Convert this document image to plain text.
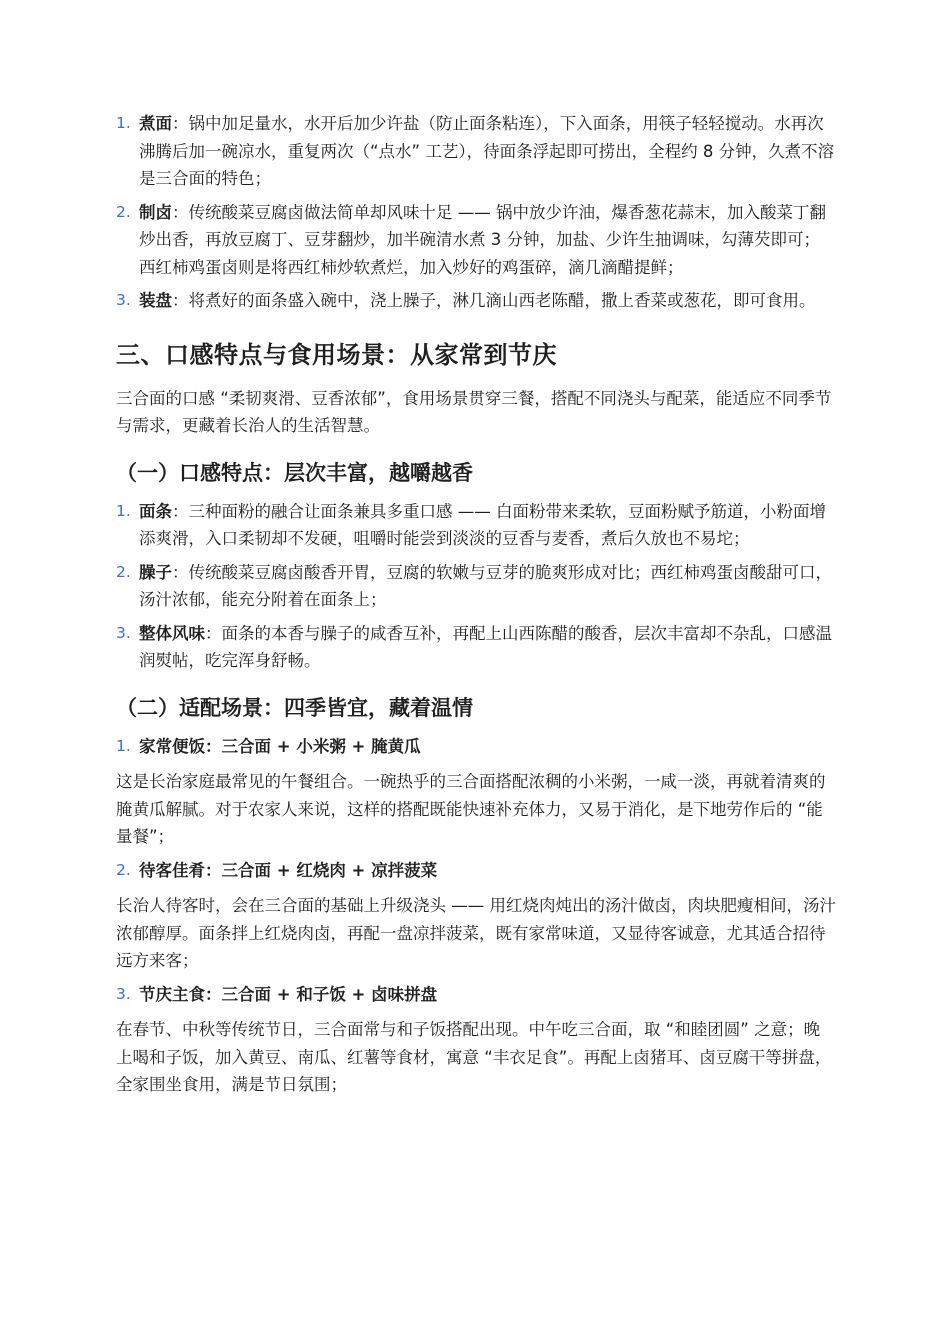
1. 煮面：锅中加足量水，水开后加少许盐（防止面条粘连），下入面条，用筷子轻轻搅动。水再次沸腾后加一碗凉水，重复两次（“点水” 工艺），待面条浮起即可捞出，全程约 8 分钟，久煮不溶是三合面的特色；
2. 制卤：传统酸菜豆腐卤做法简单却风味十足 —— 锅中放少许油，爆香葱花蒜末，加入酸菜丁翻炒出香，再放豆腐丁、豆芽翻炒，加半碗清水煮 3 分钟，加盐、少许生抽调味，勾薄芡即可；西红柿鸡蛋卤则是将西红柿炒软煮烂，加入炒好的鸡蛋碎，滴几滴醋提鲜；
3. 装盘：将煮好的面条盛入碗中，浇上臊子，淋几滴山西老陈醋，撒上香菜或葱花，即可食用。
三、口感特点与食用场景：从家常到节庆

三合面的口感 “柔韧爽滑、豆香浓郁”，食用场景贯穿三餐，搭配不同浇头与配菜，能适应不同季节与需求，更藏着长治人的生活智慧。

（一）口感特点：层次丰富，越嚼越香
1. 面条：三种面粉的融合让面条兼具多重口感 —— 白面粉带来柔软，豆面粉赋予筋道，小粉面增添爽滑，入口柔韧却不发硬，咀嚼时能尝到淡淡的豆香与麦香，煮后久放也不易坨；
2. 臊子：传统酸菜豆腐卤酸香开胃，豆腐的软嫩与豆芽的脆爽形成对比；西红柿鸡蛋卤酸甜可口，汤汁浓郁，能充分附着在面条上；
3. 整体风味：面条的本香与臊子的咸香互补，再配上山西陈醋的酸香，层次丰富却不杂乱，口感温润熨帖，吃完浑身舒畅。
（二）适配场景：四季皆宜，藏着温情
1. 家常便饭：三合面 + 小米粥 + 腌黄瓜

这是长治家庭最常见的午餐组合。一碗热乎的三合面搭配浓稠的小米粥，一咸一淡，再就着清爽的腌黄瓜解腻。对于农家人来说，这样的搭配既能快速补充体力，又易于消化，是下地劳作后的 “能量餐”；

2. 待客佳肴：三合面 + 红烧肉 + 凉拌菠菜

长治人待客时，会在三合面的基础上升级浇头 —— 用红烧肉炖出的汤汁做卤，肉块肥瘦相间，汤汁浓郁醇厚。面条拌上红烧肉卤，再配一盘凉拌菠菜，既有家常味道，又显待客诚意，尤其适合招待远方来客；

3. 节庆主食：三合面 + 和子饭 + 卤味拼盘

在春节、中秋等传统节日，三合面常与和子饭搭配出现。中午吃三合面，取 “和睦团圆” 之意；晚上喝和子饭，加入黄豆、南瓜、红薯等食材，寓意 “丰衣足食”。再配上卤猪耳、卤豆腐干等拼盘，全家围坐食用，满是节日氛围；
